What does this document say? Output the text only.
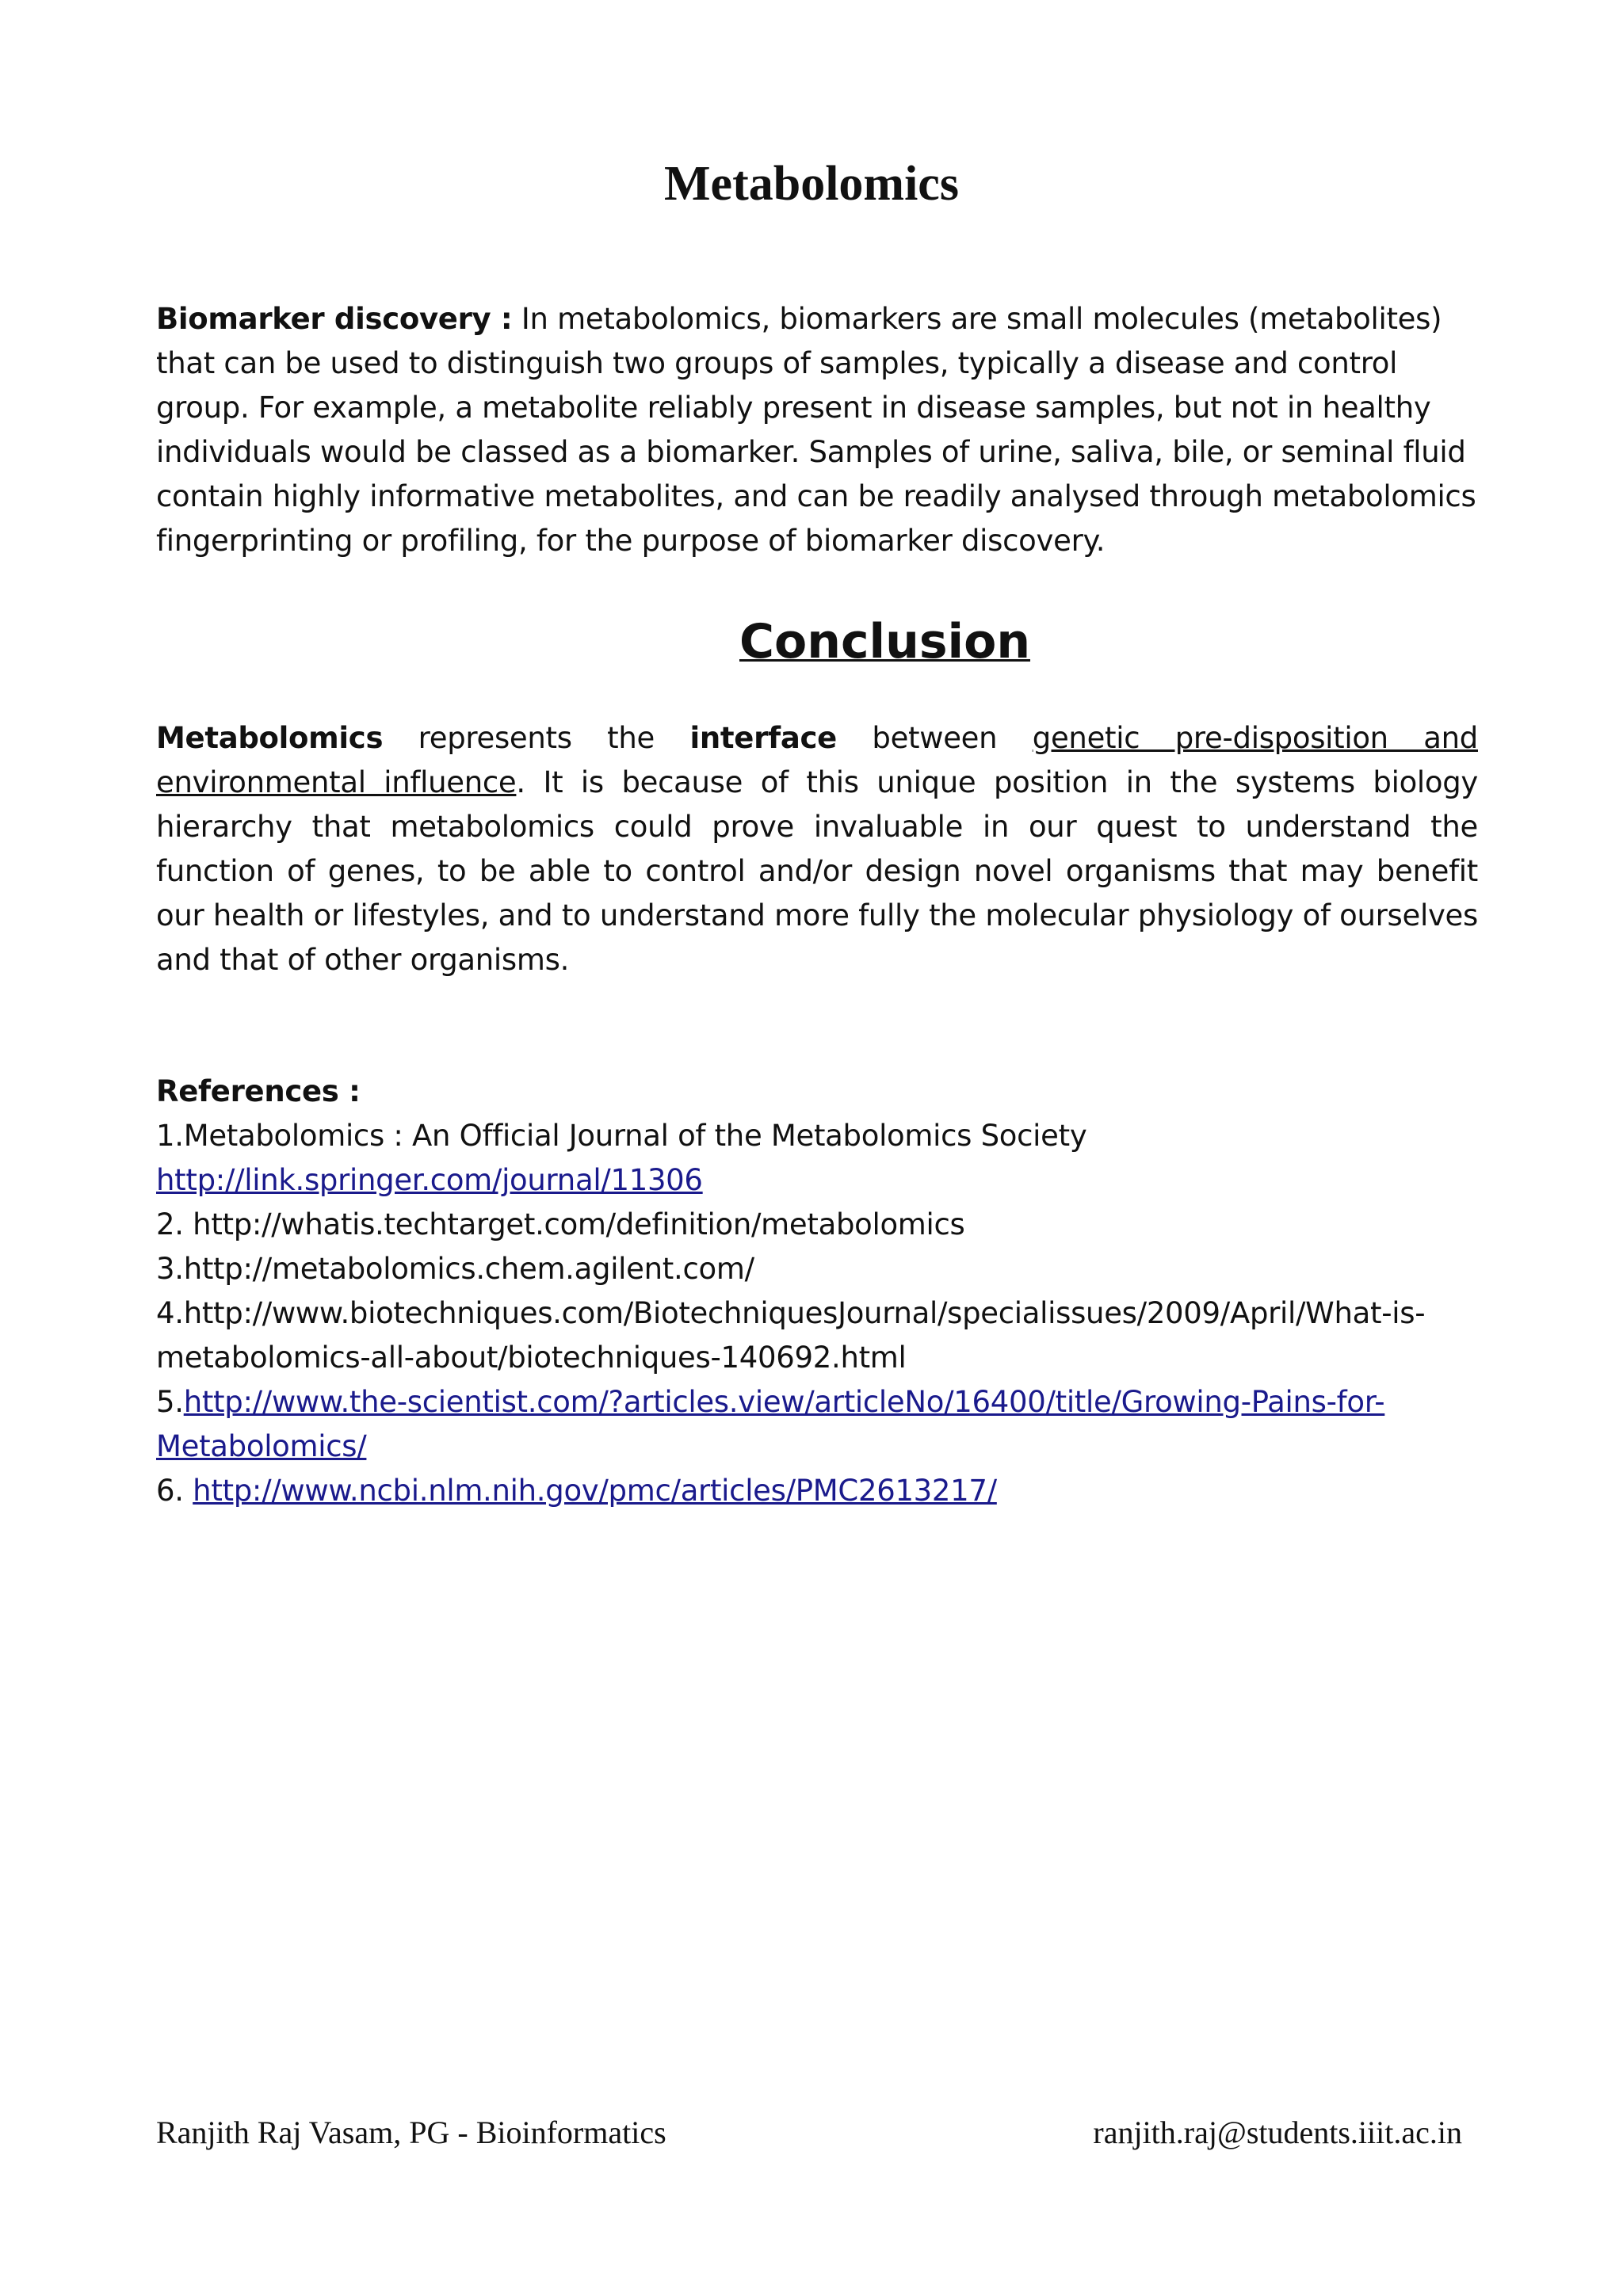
Metabolomics

Biomarker discovery : In metabolomics, biomarkers are small molecules (metabolites) that can be used to distinguish two groups of samples, typically a disease and control group. For example, a metabolite reliably present in disease samples, but not in healthy individuals would be classed as a biomarker. Samples of urine, saliva, bile, or seminal fluid contain highly informative metabolites, and can be readily analysed through metabolomics fingerprinting or profiling, for the purpose of biomarker discovery.

Conclusion

Metabolomics represents the interface between genetic pre-disposition and environmental influence. It is because of this unique position in the systems biology hierarchy that metabolomics could prove invaluable in our quest to understand the function of genes, to be able to control and/or design novel organisms that may benefit our health or lifestyles, and to understand more fully the molecular physiology of ourselves and that of other organisms.

References :
1.Metabolomics : An Official Journal of the Metabolomics Society
http://link.springer.com/journal/11306
2. http://whatis.techtarget.com/definition/metabolomics
3.http://metabolomics.chem.agilent.com/
4.http://www.biotechniques.com/BiotechniquesJournal/specialissues/2009/April/What-is-
metabolomics-all-about/biotechniques-140692.html
5.http://www.the-scientist.com/?articles.view/articleNo/16400/title/Growing-Pains-for-
Metabolomics/
6. http://www.ncbi.nlm.nih.gov/pmc/articles/PMC2613217/

Ranjith Raj Vasam, PG - Bioinformatics	ranjith.raj@students.iiit.ac.in
